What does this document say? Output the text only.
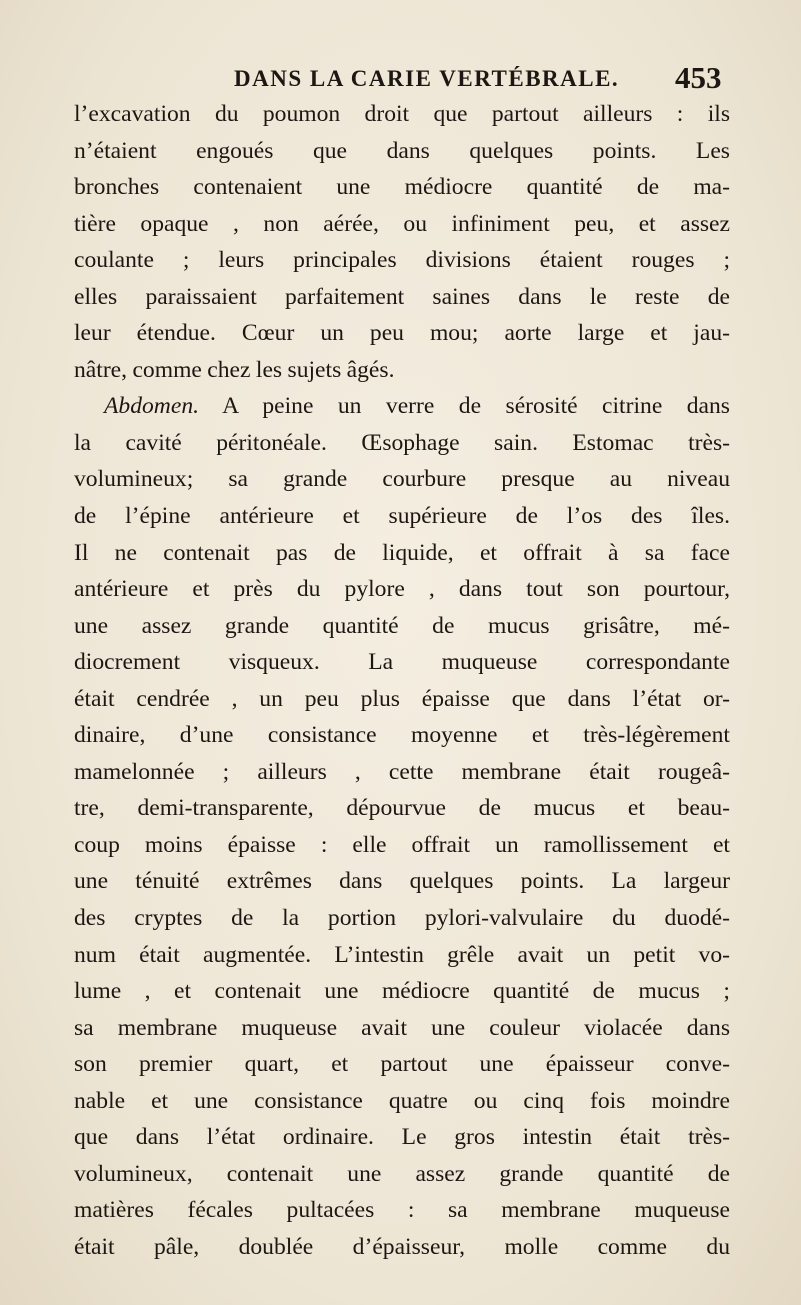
DANS LA CARIE VERTÉBRALE. 453
l’excavation du poumon droit que partout ailleurs : ils
n’étaient engoués que dans quelques points. Les
bronches contenaient une médiocre quantité de ma-
tière opaque , non aérée, ou infiniment peu, et assez
coulante ; leurs principales divisions étaient rouges ;
elles paraissaient parfaitement saines dans le reste de
leur étendue. Cœur un peu mou; aorte large et jau-
nâtre, comme chez les sujets âgés.
Abdomen. A peine un verre de sérosité citrine dans
la cavité péritonéale. Œsophage sain. Estomac très-
volumineux; sa grande courbure presque au niveau
de l’épine antérieure et supérieure de l’os des îles.
Il ne contenait pas de liquide, et offrait à sa face
antérieure et près du pylore , dans tout son pourtour,
une assez grande quantité de mucus grisâtre, mé-
diocrement visqueux. La muqueuse correspondante
était cendrée , un peu plus épaisse que dans l’état or-
dinaire, d’une consistance moyenne et très-légèrement
mamelonnée ; ailleurs , cette membrane était rougeâ-
tre, demi-transparente, dépourvue de mucus et beau-
coup moins épaisse : elle offrait un ramollissement et
une ténuité extrêmes dans quelques points. La largeur
des cryptes de la portion pylori-valvulaire du duodé-
num était augmentée. L’intestin grêle avait un petit vo-
lume , et contenait une médiocre quantité de mucus ;
sa membrane muqueuse avait une couleur violacée dans
son premier quart, et partout une épaisseur conve-
nable et une consistance quatre ou cinq fois moindre
que dans l’état ordinaire. Le gros intestin était très-
volumineux, contenait une assez grande quantité de
matières fécales pultacées : sa membrane muqueuse
était pâle, doublée d’épaisseur, molle comme du
